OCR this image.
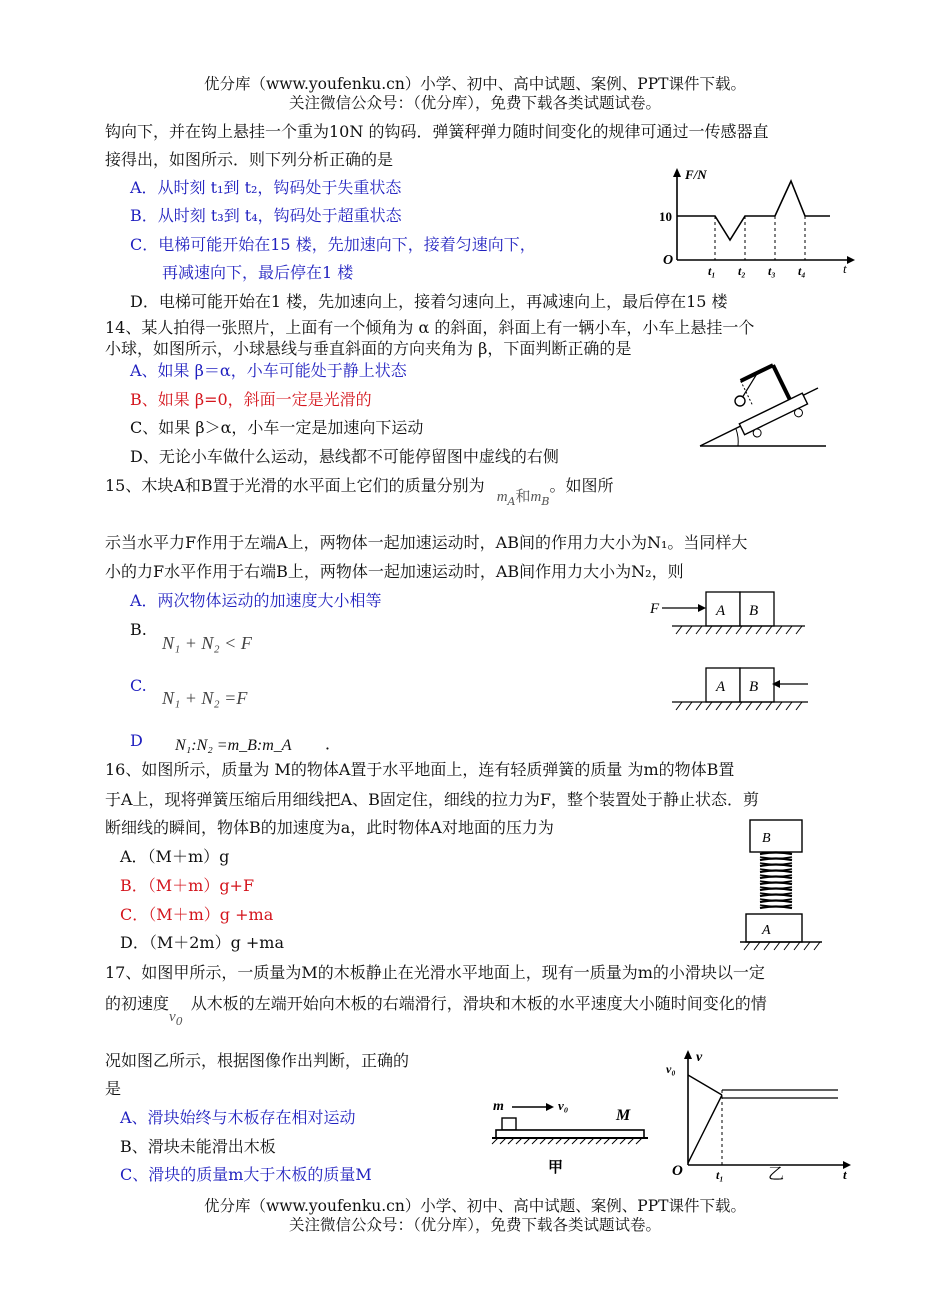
优分库（www.youfenku.cn）小学、初中、高中试题、案例、PPT课件下载。
关注微信公众号：（优分库），免费下载各类试题试卷。
钩向下，并在钩上悬挂一个重为10N 的钩码．弹簧秤弹力随时间变化的规律可通过一传感器直
接得出，如图所示．则下列分析正确的是
A．从时刻 t₁到 t₂，钩码处于失重状态
B．从时刻 t₃到 t₄，钩码处于超重状态
C．电梯可能开始在15 楼，先加速向下，接着匀速向下，
再减速向下，最后停在1 楼
D．电梯可能开始在1 楼，先加速向上，接着匀速向上，再减速向上，最后停在15 楼
F/N
10
O
t
t₁ t₂ t₃ t₄
14、某人拍得一张照片，上面有一个倾角为 α 的斜面，斜面上有一辆小车，小车上悬挂一个
小球，如图所示，小球悬线与垂直斜面的方向夹角为 β，下面判断正确的是
A、如果 β＝α，小车可能处于静上状态
B、如果 β=0，斜面一定是光滑的
C、如果 β＞α，小车一定是加速向下运动
D、无论小车做什么运动，悬线都不可能停留图中虚线的右侧
15、木块A和B置于光滑的水平面上它们的质量分别为$m_A$和$m_B$。如图所
示当水平力F作用于左端A上，两物体一起加速运动时，AB间的作用力大小为N₁。当同样大
小的力F水平作用于右端B上，两物体一起加速运动时，AB间作用力大小为N₂，则
A．两次物体运动的加速度大小相等
B.
N₁ + N₂ < F
C.
N₁ + N₂ =F
D N₁:N₂ =m_B:m_A ．
F	A B
A B
16、如图所示，质量为 M的物体A置于水平地面上，连有轻质弹簧的质量 为m的物体B置
于A上，现将弹簧压缩后用细线把A、B固定住，细线的拉力为F，整个装置处于静止状态．剪
断细线的瞬间，物体B的加速度为a，此时物体A对地面的压力为
A．（M＋m）g
B．（M＋m）g+F
C．（M＋m）g +ma
D．（M＋2m）g +ma
B
A
17、如图甲所示，一质量为M的木板静止在光滑水平地面上，现有一质量为m的小滑块以一定
的初速度$v_0$从木板的左端开始向木板的右端滑行，滑块和木板的水平速度大小随时间变化的情
况如图乙所示，根据图像作出判断，正确的
是
A、滑块始终与木板存在相对运动
B、滑块未能滑出木板
C、滑块的质量m大于木板的质量M
m	v₀
M
甲
v
v₀
O	t₁	t
乙
优分库（www.youfenku.cn）小学、初中、高中试题、案例、PPT课件下载。
关注微信公众号：（优分库），免费下载各类试题试卷。
